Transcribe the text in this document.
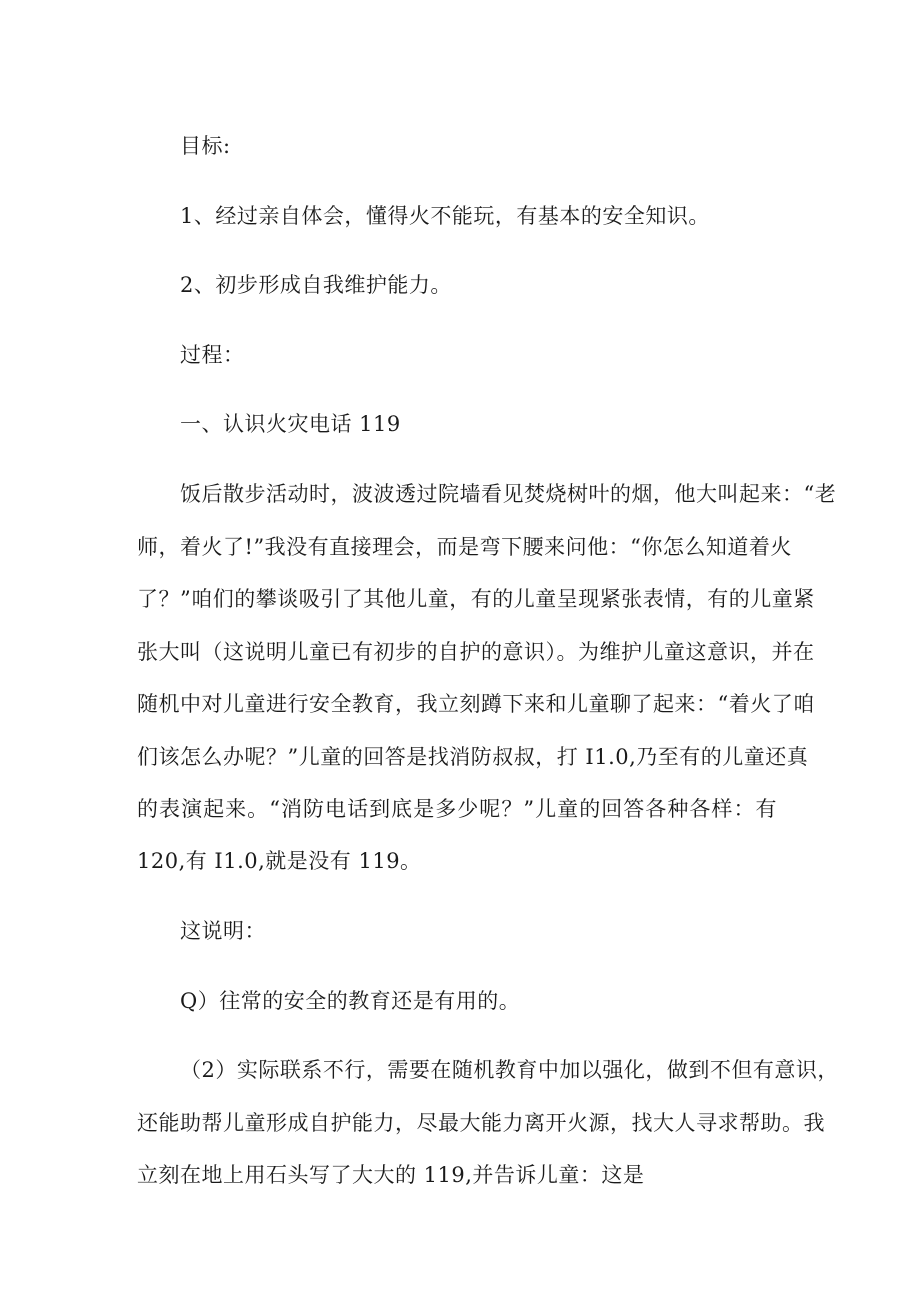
目标:
1、经过亲自体会，懂得火不能玩，有基本的安全知识。
2、初步形成自我维护能力。
过程：
一、认识火灾电话 119
饭后散步活动时，波波透过院墙看见焚烧树叶的烟，他大叫起来：“老
师，着火了!”我没有直接理会，而是弯下腰来问他：“你怎么知道着火
了？”咱们的攀谈吸引了其他儿童，有的儿童呈现紧张表情，有的儿童紧
张大叫（这说明儿童已有初步的自护的意识）。为维护儿童这意识，并在
随机中对儿童进行安全教育，我立刻蹲下来和儿童聊了起来：“着火了咱
们该怎么办呢？”儿童的回答是找消防叔叔，打 I1.0,乃至有的儿童还真
的表演起来。“消防电话到底是多少呢？”儿童的回答各种各样：有
120,有 I1.0,就是没有 119。
这说明：
Q）往常的安全的教育还是有用的。
（2）实际联系不行，需要在随机教育中加以强化，做到不但有意识，
还能助帮儿童形成自护能力，尽最大能力离开火源，找大人寻求帮助。我
立刻在地上用石头写了大大的 119,并告诉儿童：这是
